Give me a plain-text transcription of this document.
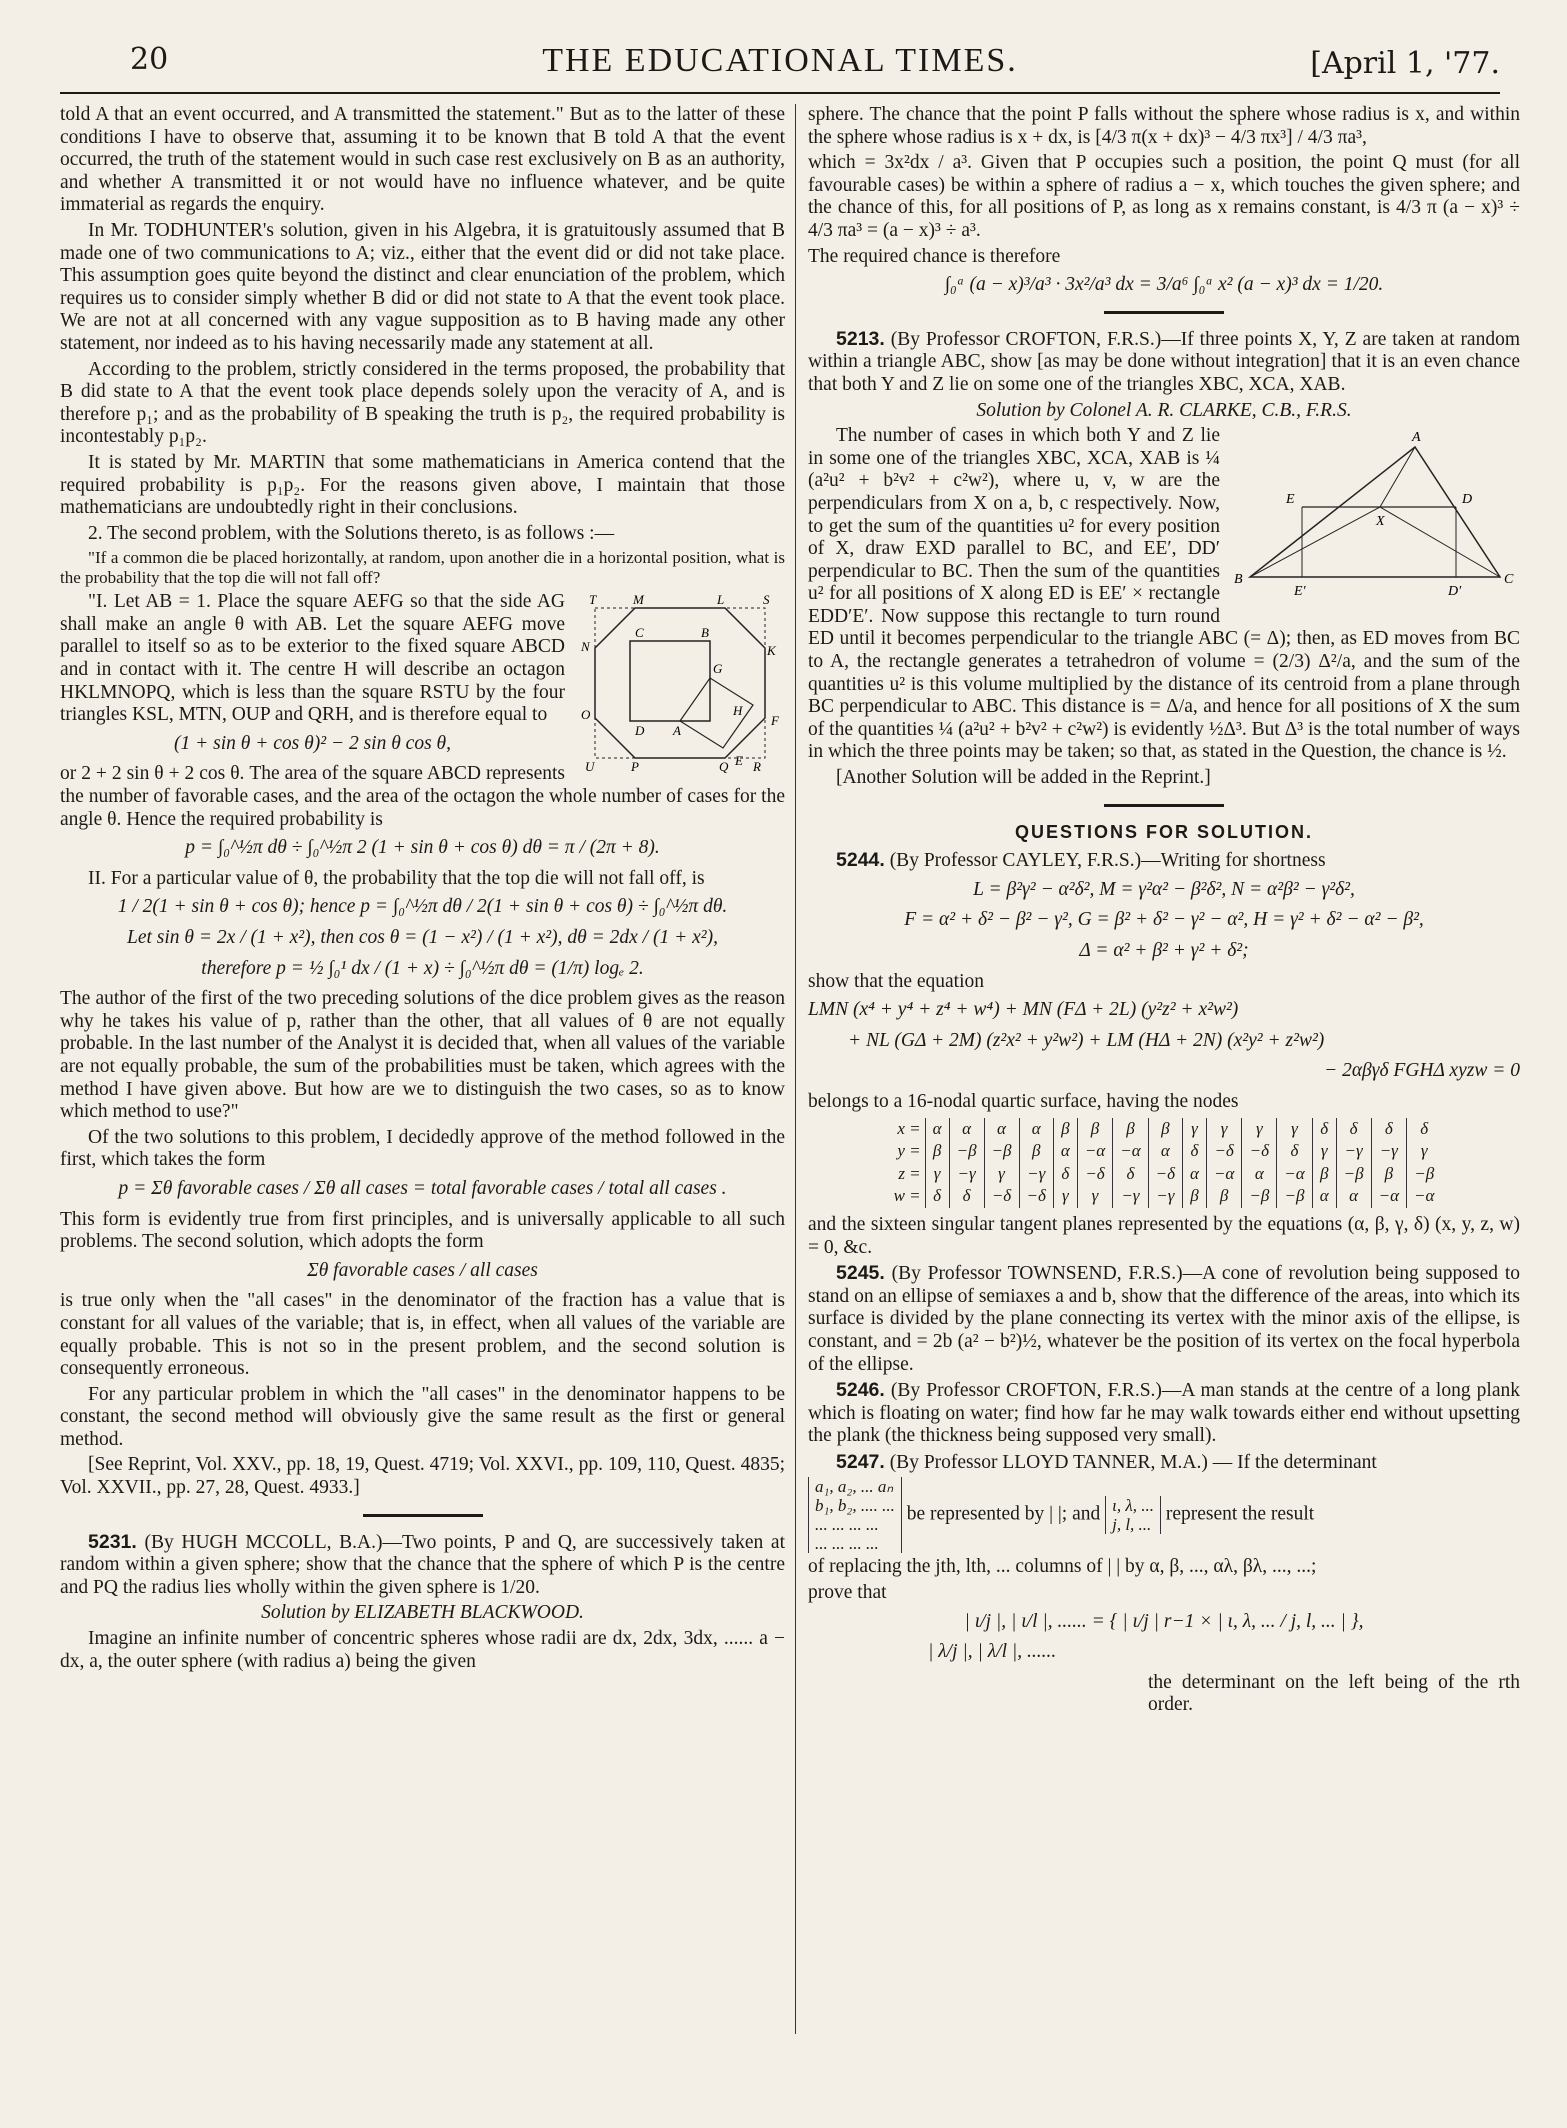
20	THE EDUCATIONAL TIMES.	[April 1, '77.

told A that an event occurred, and A transmitted the statement." But as to the latter of these conditions I have to observe that, assuming it to be known that B told A that the event occurred, the truth of the statement would in such case rest exclusively on B as an authority, and whether A transmitted it or not would have no influence whatever, and be quite immaterial as regards the enquiry.

In Mr. TODHUNTER's solution, given in his Algebra, it is gratuitously assumed that B made one of two communications to A; viz., either that the event did or did not take place. This assumption goes quite beyond the distinct and clear enunciation of the problem, which requires us to consider simply whether B did or did not state to A that the event took place. We are not at all concerned with any vague supposition as to B having made any other statement, nor indeed as to his having necessarily made any statement at all.

According to the problem, strictly considered in the terms proposed, the probability that B did state to A that the event took place depends solely upon the veracity of A, and is therefore p₁; and as the probability of B speaking the truth is p₂, the required probability is incontestably p₁p₂.

It is stated by Mr. MARTIN that some mathematicians in America contend that the required probability is p₁p₂. For the reasons given above, I maintain that those mathematicians are undoubtedly right in their conclusions.

2. The second problem, with the Solutions thereto, is as follows :—

"If a common die be placed horizontally, at random, upon another die in a horizontal position, what is the probability that the top die will not fall off?

T	M	L	S
N
C	B
K
O
D A
H
F
U	P	Q E R
G

"I. Let AB = 1. Place the square AEFG so that the side AG shall make an angle θ with AB. Let the square AEFG move parallel to itself so as to be exterior to the fixed square ABCD and in contact with it. The centre H will describe an octagon HKLMNOPQ, which is less than the square RSTU by the four triangles KSL, MTN, OUP and QRH, and is therefore equal to

(1 + sin θ + cos θ)² − 2 sin θ cos θ,

or 2 + 2 sin θ + 2 cos θ. The area of the square ABCD represents the number of favorable cases, and the area of the octagon the whole number of cases for the angle θ. Hence the required probability is

p = ∫₀^½π dθ ÷ ∫₀^½π 2 (1 + sin θ + cos θ) dθ = π / (2π + 8).

II. For a particular value of θ, the probability that the top die will not fall off, is

1 / 2(1 + sin θ + cos θ); hence p = ∫₀^½π dθ / 2(1 + sin θ + cos θ) ÷ ∫₀^½π dθ.

Let sin θ = 2x / (1 + x²), then cos θ = (1 − x²) / (1 + x²), dθ = 2dx / (1 + x²),

therefore p = ½ ∫₀¹ dx / (1 + x) ÷ ∫₀^½π dθ = (1/π) logₑ 2.

The author of the first of the two preceding solutions of the dice problem gives as the reason why he takes his value of p, rather than the other, that all values of θ are not equally probable. In the last number of the Analyst it is decided that, when all values of the variable are not equally probable, the sum of the probabilities must be taken, which agrees with the method I have given above. But how are we to distinguish the two cases, so as to know which method to use?"

Of the two solutions to this problem, I decidedly approve of the method followed in the first, which takes the form

p = Σθ favorable cases / Σθ all cases = total favorable cases / total all cases .

This form is evidently true from first principles, and is universally applicable to all such problems. The second solution, which adopts the form

Σθ favorable cases / all cases

is true only when the "all cases" in the denominator of the fraction has a value that is constant for all values of the variable; that is, in effect, when all values of the variable are equally probable. This is not so in the present problem, and the second solution is consequently erroneous.

For any particular problem in which the "all cases" in the denominator happens to be constant, the second method will obviously give the same result as the first or general method.

[See Reprint, Vol. XXV., pp. 18, 19, Quest. 4719; Vol. XXVI., pp. 109, 110, Quest. 4835; Vol. XXVII., pp. 27, 28, Quest. 4933.]

5231. (By HUGH MCCOLL, B.A.)—Two points, P and Q, are successively taken at random within a given sphere; show that the chance that the sphere of which P is the centre and PQ the radius lies wholly within the given sphere is 1/20.

Solution by ELIZABETH BLACKWOOD.

Imagine an infinite number of concentric spheres whose radii are dx, 2dx, 3dx, ...... a − dx, a, the outer sphere (with radius a) being the given

sphere. The chance that the point P falls without the sphere whose radius is x, and within the sphere whose radius is x + dx, is [4/3 π(x + dx)³ − 4/3 πx³] / 4/3 πa³,

which = 3x²dx / a³. Given that P occupies such a position, the point Q must (for all favourable cases) be within a sphere of radius a − x, which touches the given sphere; and the chance of this, for all positions of P, as long as x remains constant, is 4/3 π (a − x)³ ÷ 4/3 πa³ = (a − x)³ ÷ a³.

The required chance is therefore

∫₀ᵃ (a − x)³/a³ · 3x²/a³ dx = 3/a⁶ ∫₀ᵃ x² (a − x)³ dx = 1/20.

5213. (By Professor CROFTON, F.R.S.)—If three points X, Y, Z are taken at random within a triangle ABC, show [as may be done without integration] that it is an even chance that both Y and Z lie on some one of the triangles XBC, XCA, XAB.

Solution by Colonel A. R. CLARKE, C.B., F.R.S.

A
E	D
X
B
E′	D′
C

The number of cases in which both Y and Z lie in some one of the triangles XBC, XCA, XAB is ¼ (a²u² + b²v² + c²w²), where u, v, w are the perpendiculars from X on a, b, c respectively. Now, to get the sum of the quantities u² for every position of X, draw EXD parallel to BC, and EE′, DD′ perpendicular to BC. Then the sum of the quantities u² for all positions of X along ED is EE′ × rectangle EDD′E′. Now suppose this rectangle to turn round ED until it becomes perpendicular to the triangle ABC (= Δ); then, as ED moves from BC to A, the rectangle generates a tetrahedron of volume = (2/3) Δ²/a, and the sum of the quantities u² is this volume multiplied by the distance of its centroid from a plane through BC perpendicular to ABC. This distance is = Δ/a, and hence for all positions of X the sum of the quantities ¼ (a²u² + b²v² + c²w²) is evidently ½Δ³. But Δ³ is the total number of ways in which the three points may be taken; so that, as stated in the Question, the chance is ½.

[Another Solution will be added in the Reprint.]

QUESTIONS FOR SOLUTION.

5244. (By Professor CAYLEY, F.R.S.)—Writing for shortness

L = β²γ² − α²δ², M = γ²α² − β²δ², N = α²β² − γ²δ²,

F = α² + δ² − β² − γ², G = β² + δ² − γ² − α², H = γ² + δ² − α² − β²,

Δ = α² + β² + γ² + δ²;

show that the equation

LMN (x⁴ + y⁴ + z⁴ + w⁴) + MN (FΔ + 2L) (y²z² + x²w²)

+ NL (GΔ + 2M) (z²x² + y²w²) + LM (HΔ + 2N) (x²y² + z²w²)

− 2αβγδ FGHΔ xyzw = 0

belongs to a 16-nodal quartic surface, having the nodes

x =	α	α	α	α	β	β	β	β	γ	γ	γ	γ	δ	δ	δ	δ
y =	β	−β	−β	β	α	−α	−α	α	δ	−δ	−δ	δ	γ	−γ	−γ	γ
z =	γ	−γ	γ	−γ	δ	−δ	δ	−δ	α	−α	α	−α	β	−β	β	−β
w =	δ	δ	−δ	−δ	γ	γ	−γ	−γ	β	β	−β	−β	α	α	−α	−α

and the sixteen singular tangent planes represented by the equations (α, β, γ, δ) (x, y, z, w) = 0, &c.

5245. (By Professor TOWNSEND, F.R.S.)—A cone of revolution being supposed to stand on an ellipse of semiaxes a and b, show that the difference of the areas, into which its surface is divided by the plane connecting its vertex with the minor axis of the ellipse, is constant, and = 2b (a² − b²)½, whatever be the position of its vertex on the focal hyperbola of the ellipse.

5246. (By Professor CROFTON, F.R.S.)—A man stands at the centre of a long plank which is floating on water; find how far he may walk towards either end without upsetting the plank (the thickness being supposed very small).

5247. (By Professor LLOYD TANNER, M.A.) — If the determinant

a₁, a₂, ... aₙ
b₁, b₂, .... ...
... ... ... ...
... ... ... ... be represented by | |; and ι, λ, ...
j, l, ... represent the result

of replacing the jth, lth, ... columns of | | by α, β, ..., αλ, βλ, ..., ...;

prove that

| ι/j |, | ι/l |, ...... = { | ι/j | r−1 × | ι, λ, ... / j, l, ... | },

| λ/j |, | λ/l |, ......

the determinant on the left being of the rth order.
